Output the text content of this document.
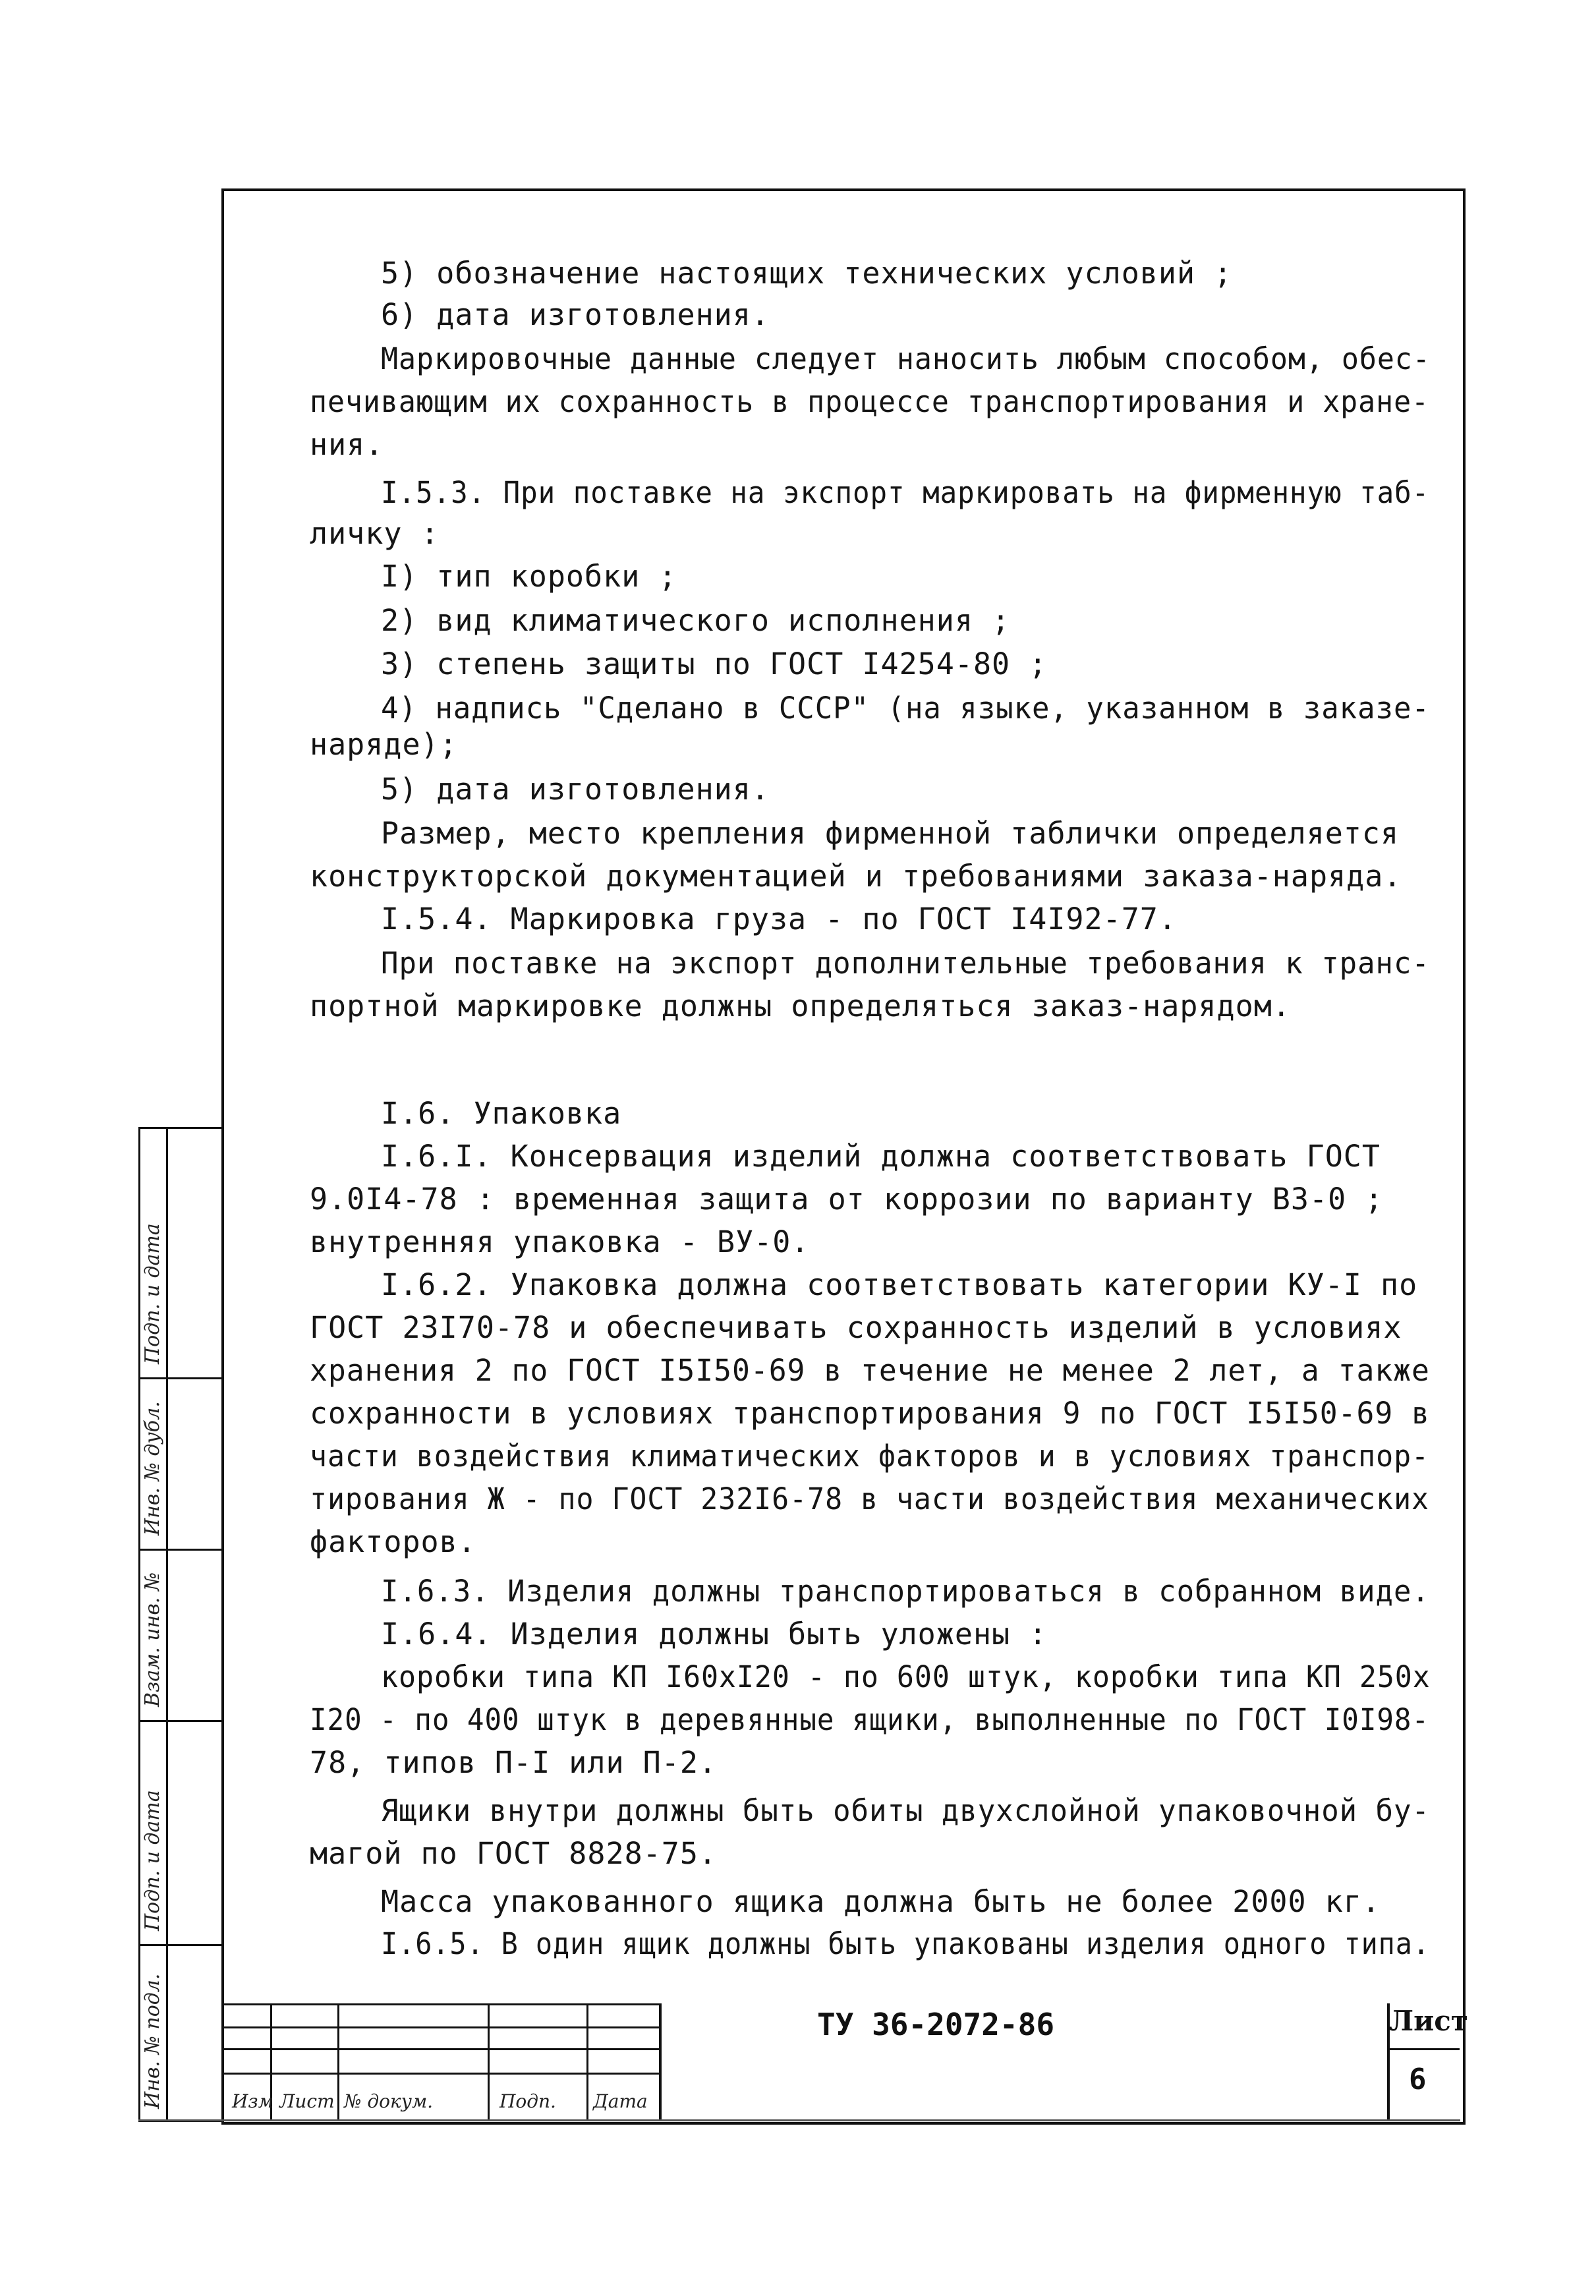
5) обозначение настоящих технических условий ;
6) дата изготовления.
Маркировочные данные следует наносить любым способом, обес-
печивающим их сохранность в процессе транспортирования и хране-
ния.
I.5.3. При поставке на экспорт маркировать на фирменную таб-
личку :
I) тип коробки ;
2) вид климатического исполнения ;
3) степень защиты по ГОСТ I4254-80 ;
4) надпись "Сделано в СССР" (на языке, указанном в заказе-
наряде);
5) дата изготовления.
Размер, место крепления фирменной таблички определяется
конструкторской документацией и требованиями заказа-наряда.
I.5.4. Маркировка груза - по ГОСТ I4I92-77.
При поставке на экспорт дополнительные требования к транс-
портной маркировке должны определяться заказ-нарядом.
I.6. Упаковка
I.6.I. Консервация изделий должна соответствовать ГОСТ
9.0I4-78 : временная защита от коррозии по варианту В3-0 ;
внутренняя упаковка - ВУ-0.
I.6.2. Упаковка должна соответствовать категории КУ-I по
ГОСТ 23I70-78 и обеспечивать сохранность изделий в условиях
хранения 2 по ГОСТ I5I50-69 в течение не менее 2 лет, а также
сохранности в условиях транспортирования 9 по ГОСТ I5I50-69 в
части воздействия климатических факторов и в условиях транспор-
тирования Ж - по ГОСТ 232I6-78 в части воздействия механических
факторов.
I.6.3. Изделия должны транспортироваться в собранном виде.
I.6.4. Изделия должны быть уложены :
коробки типа КП I60хI20 - по 600 штук, коробки типа КП 250х
I20 - по 400 штук в деревянные ящики, выполненные по ГОСТ I0I98-
78, типов П-I или П-2.
Ящики внутри должны быть обиты двухслойной упаковочной бу-
магой по ГОСТ 8828-75.
Масса упакованного ящика должна быть не более 2000 кг.
I.6.5. В один ящик должны быть упакованы изделия одного типа.
Инв. № подл.
Подп. и дата
Взам. инв. №
Инв. № дубл.
Подп. и дата
Изм Лист № докум.	Подп. Дата
ТУ 36-2072-86	Лист
6
